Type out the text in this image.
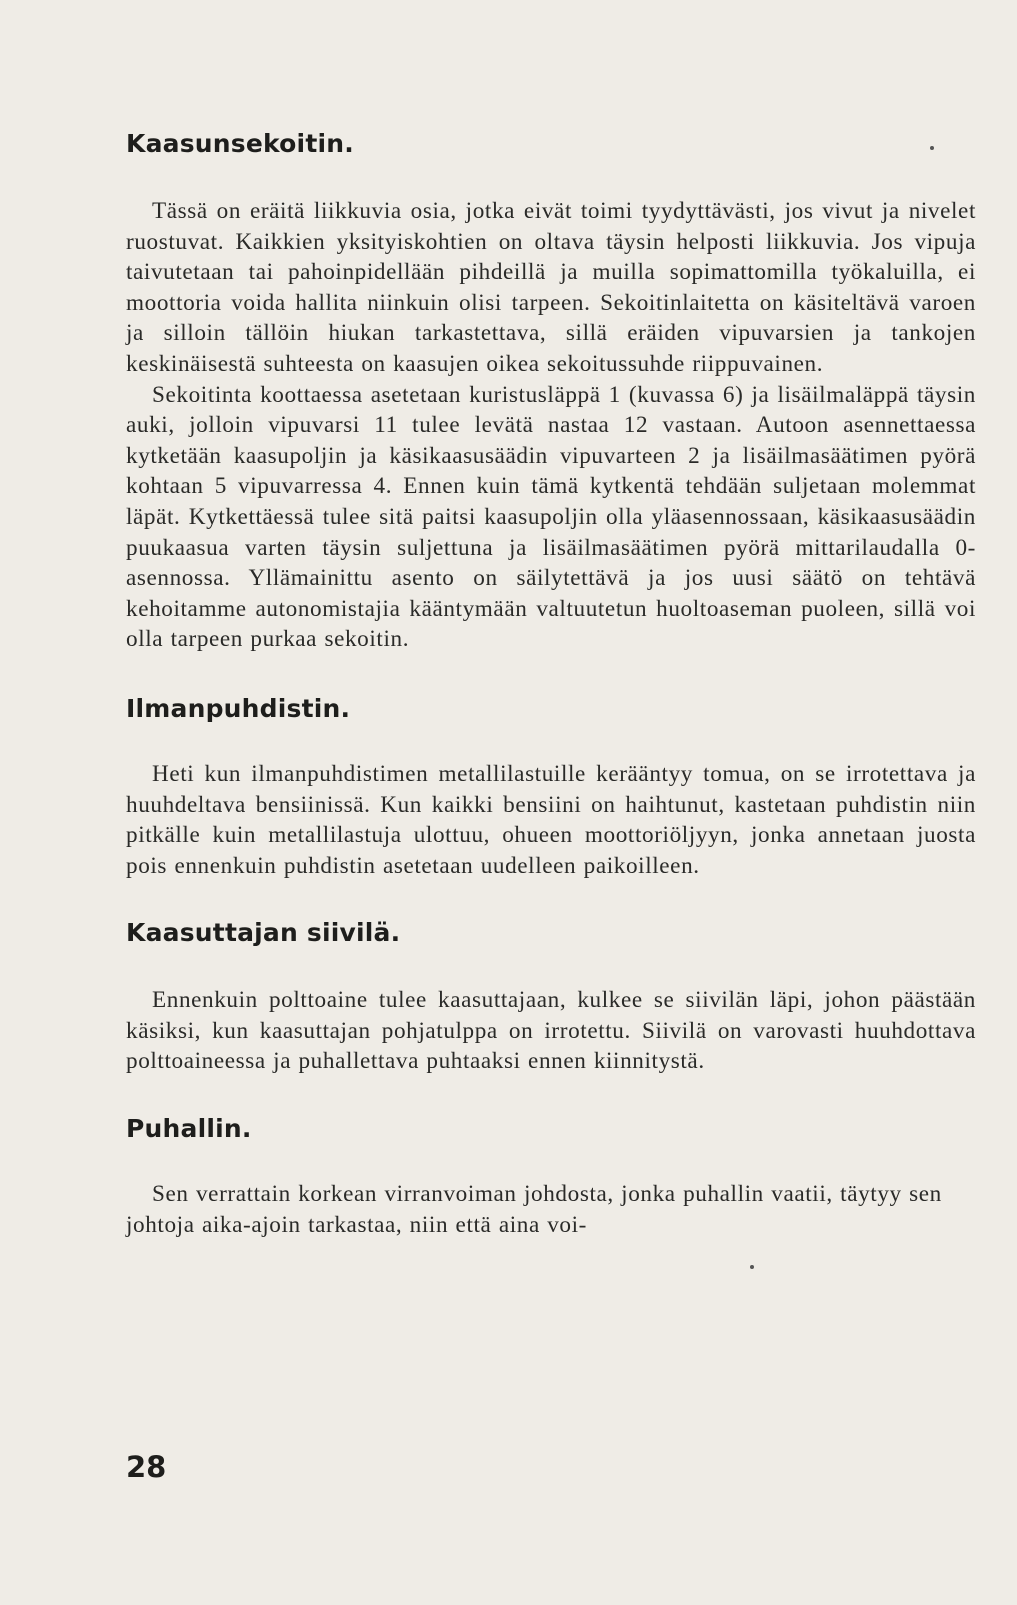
Kaasunsekoitin.

Tässä on eräitä liikkuvia osia, jotka eivät toimi tyydyttävästi, jos vivut ja nivelet ruostuvat. Kaikkien yksityiskohtien on oltava täysin helposti liikkuvia. Jos vipuja taivutetaan tai pahoinpidellään pihdeillä ja muilla sopimattomilla työkaluilla, ei moottoria voida hallita niinkuin olisi tarpeen. Sekoitinlaitetta on käsiteltävä varoen ja silloin tällöin hiukan tarkastettava, sillä eräiden vipuvarsien ja tankojen keskinäisestä suhteesta on kaasujen oikea sekoitussuhde riippuvainen.

Sekoitinta koottaessa asetetaan kuristusläppä 1 (kuvassa 6) ja lisäilmaläppä täysin auki, jolloin vipuvarsi 11 tulee levätä nastaa 12 vastaan. Autoon asennettaessa kytketään kaasupoljin ja käsikaasusäädin vipuvarteen 2 ja lisäilmasäätimen pyörä kohtaan 5 vipuvarressa 4. Ennen kuin tämä kytkentä tehdään suljetaan molemmat läpät. Kytkettäessä tulee sitä paitsi kaasupoljin olla yläasennossaan, käsikaasusäädin puukaasua varten täysin suljettuna ja lisäilmasäätimen pyörä mittarilaudalla 0-asennossa. Yllämainittu asento on säilytettävä ja jos uusi säätö on tehtävä kehoitamme autonomistajia kääntymään valtuutetun huoltoaseman puoleen, sillä voi olla tarpeen purkaa sekoitin.

Ilmanpuhdistin.

Heti kun ilmanpuhdistimen metallilastuille kerääntyy tomua, on se irrotettava ja huuhdeltava bensiinissä. Kun kaikki bensiini on haihtunut, kastetaan puhdistin niin pitkälle kuin metallilastuja ulottuu, ohueen moottoriöljyyn, jonka annetaan juosta pois ennenkuin puhdistin asetetaan uudelleen paikoilleen.

Kaasuttajan siivilä.

Ennenkuin polttoaine tulee kaasuttajaan, kulkee se siivilän läpi, johon päästään käsiksi, kun kaasuttajan pohjatulppa on irrotettu. Siivilä on varovasti huuhdottava polttoaineessa ja puhallettava puhtaaksi ennen kiinnitystä.

Puhallin.

Sen verrattain korkean virranvoiman johdosta, jonka puhallin vaatii, täytyy sen johtoja aika-ajoin tarkastaa, niin että aina voi-

28
